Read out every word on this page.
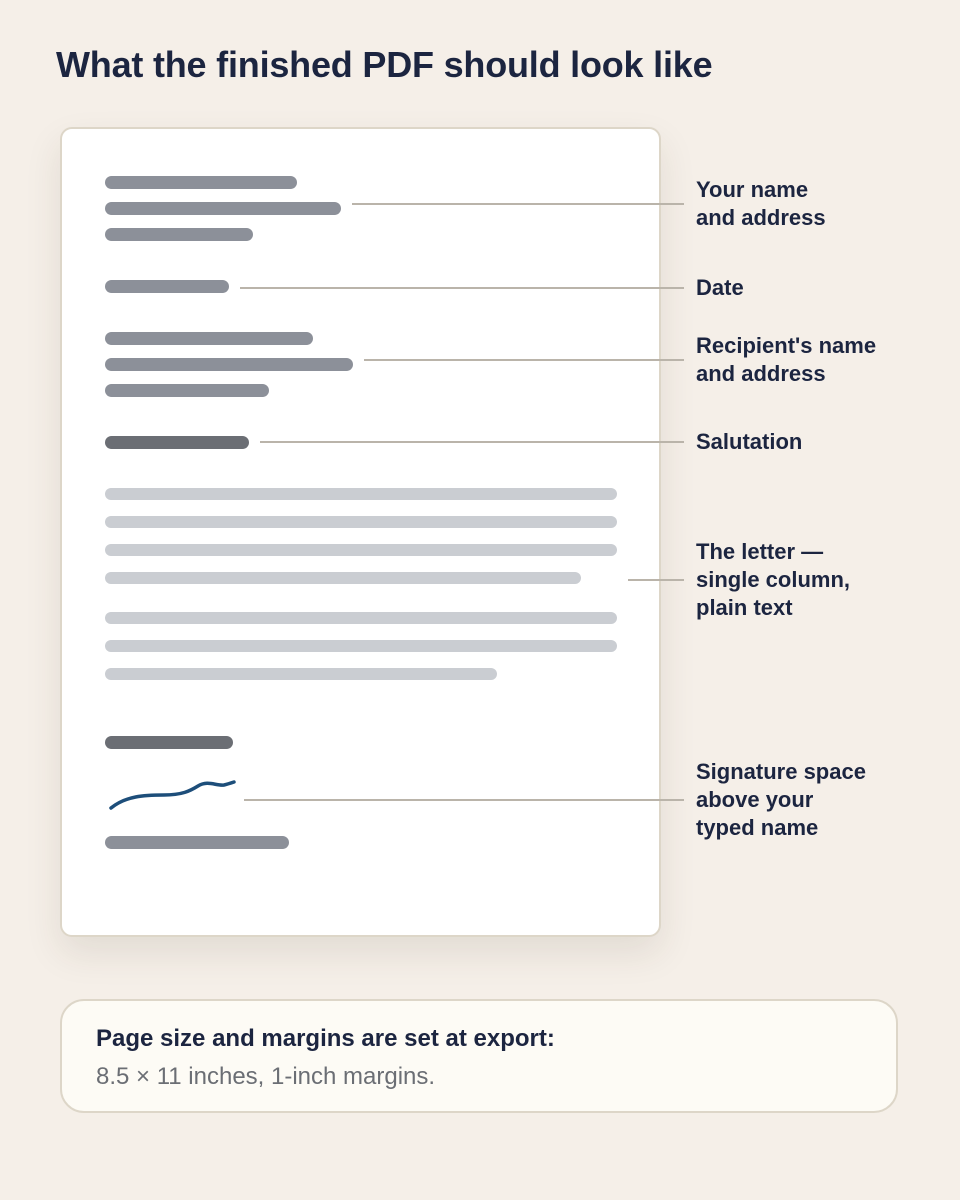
What the finished PDF should look like
Your name
and address
Date
Recipient's name
and address
Salutation
The letter —
single column,
plain text
Signature space
above your
typed name

Page size and margins are set at export:

8.5 × 11 inches, 1-inch margins.
